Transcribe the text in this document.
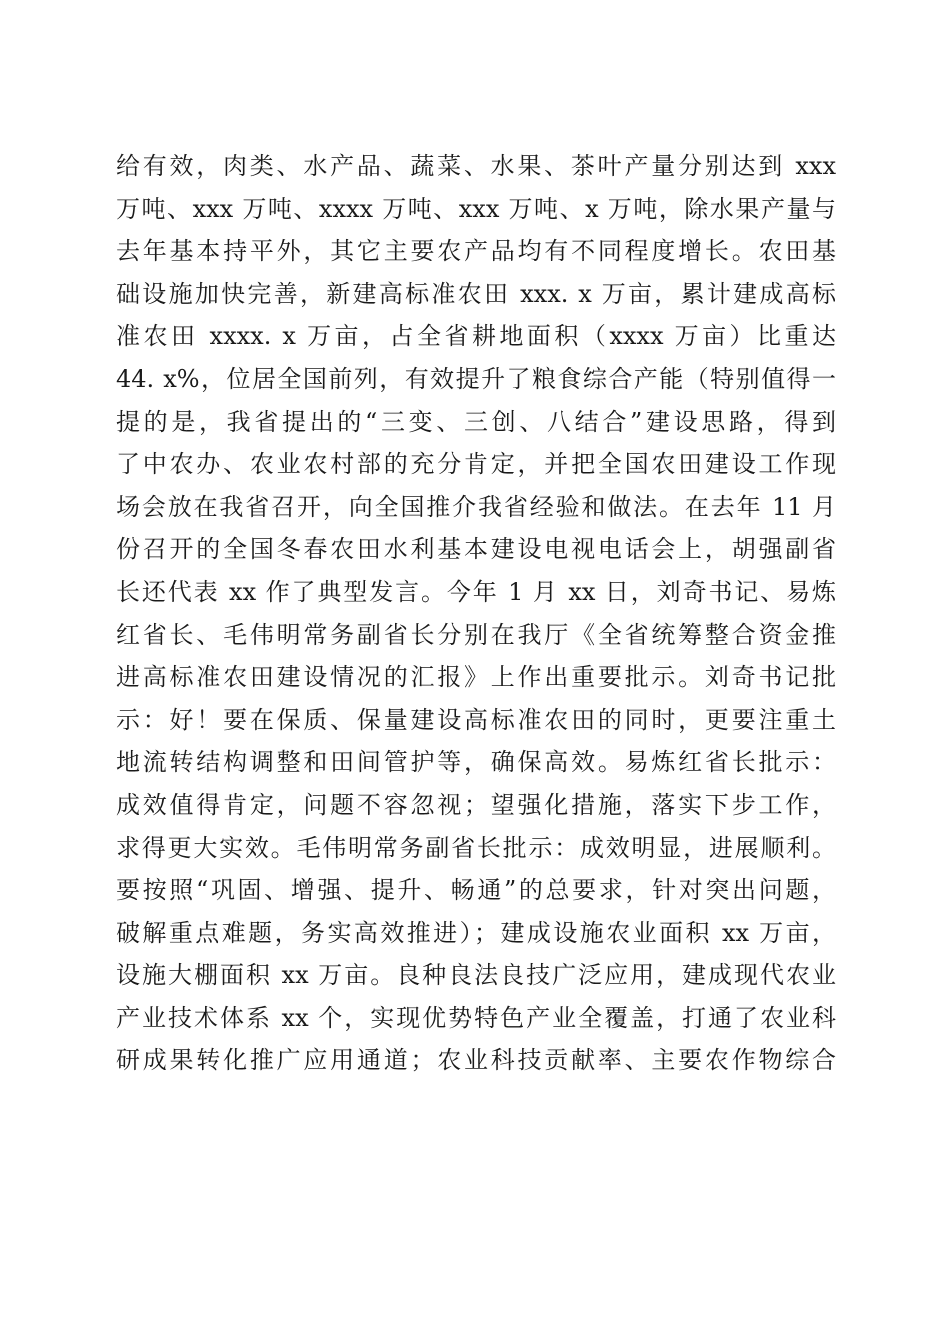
给有效，肉类、水产品、蔬菜、水果、茶叶产量分别达到 xxx
万吨、xxx 万吨、xxxx 万吨、xxx 万吨、x 万吨，除水果产量与
去年基本持平外，其它主要农产品均有不同程度增长。农田基
础设施加快完善，新建高标准农田 xxx. x 万亩，累计建成高标
准农田 xxxx. x 万亩，占全省耕地面积（xxxx 万亩）比重达
44. x%，位居全国前列，有效提升了粮食综合产能（特别值得一
提的是，我省提出的“三变、三创、八结合”建设思路，得到
了中农办、农业农村部的充分肯定，并把全国农田建设工作现
场会放在我省召开，向全国推介我省经验和做法。在去年 11 月
份召开的全国冬春农田水利基本建设电视电话会上，胡强副省
长还代表 xx 作了典型发言。今年 1 月 xx 日，刘奇书记、易炼
红省长、毛伟明常务副省长分别在我厅《全省统筹整合资金推
进高标准农田建设情况的汇报》上作出重要批示。刘奇书记批
示：好！要在保质、保量建设高标准农田的同时，更要注重土
地流转结构调整和田间管护等，确保高效。易炼红省长批示：
成效值得肯定，问题不容忽视；望强化措施，落实下步工作，
求得更大实效。毛伟明常务副省长批示：成效明显，进展顺利。
要按照“巩固、增强、提升、畅通”的总要求，针对突出问题，
破解重点难题，务实高效推进）；建成设施农业面积 xx 万亩，
设施大棚面积 xx 万亩。良种良法良技广泛应用，建成现代农业
产业技术体系 xx 个，实现优势特色产业全覆盖，打通了农业科
研成果转化推广应用通道；农业科技贡献率、主要农作物综合
